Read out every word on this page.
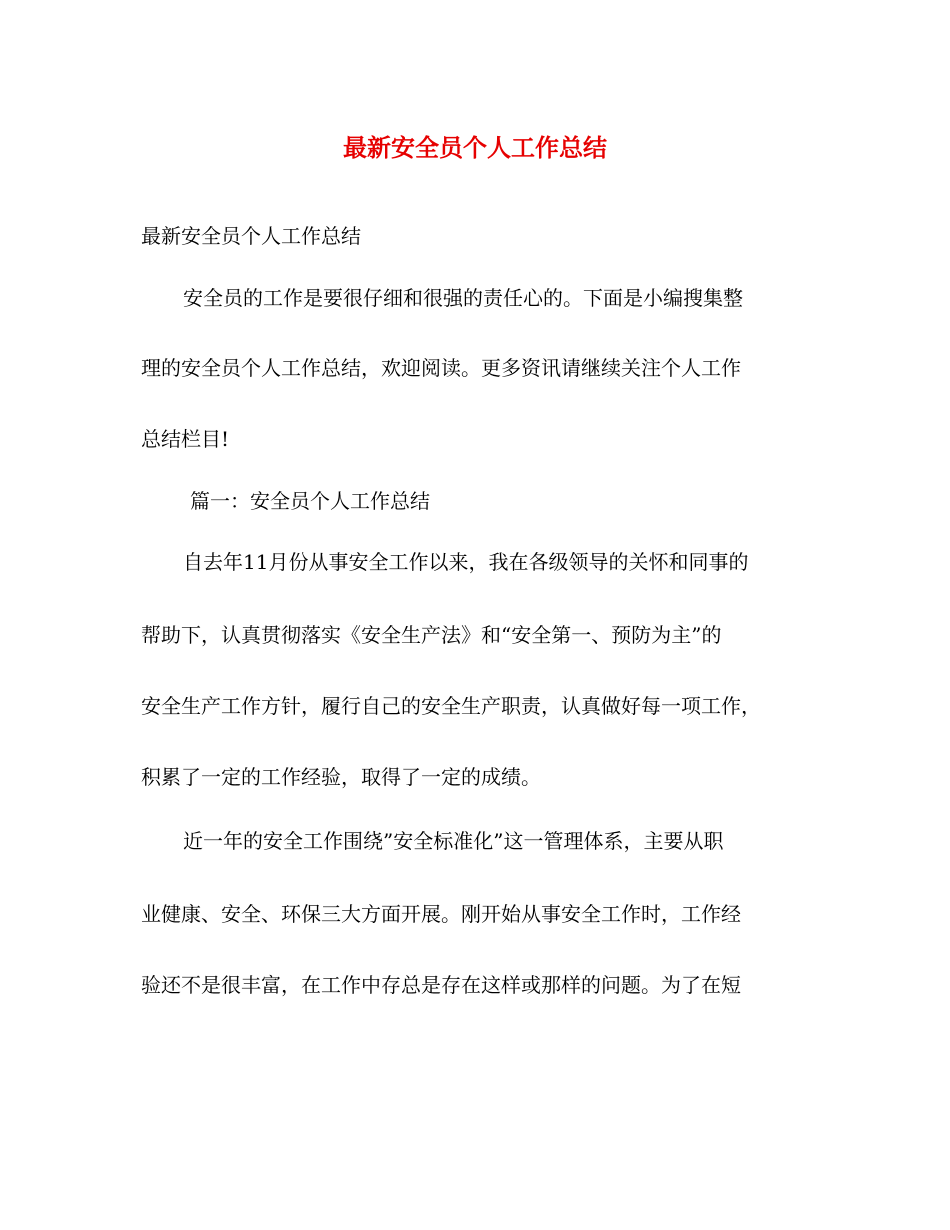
最新安全员个人工作总结

最新安全员个人工作总结

安全员的工作是要很仔细和很强的责任心的。下面是小编搜集整

理的安全员个人工作总结，欢迎阅读。更多资讯请继续关注个人工作

总结栏目!

篇一：安全员个人工作总结

自去年11月份从事安全工作以来，我在各级领导的关怀和同事的

帮助下，认真贯彻落实《安全生产法》和“安全第一、预防为主”的

安全生产工作方针，履行自己的安全生产职责，认真做好每一项工作，

积累了一定的工作经验，取得了一定的成绩。

近一年的安全工作围绕”安全标准化”这一管理体系，主要从职

业健康、安全、环保三大方面开展。刚开始从事安全工作时，工作经

验还不是很丰富，在工作中存总是存在这样或那样的问题。为了在短
